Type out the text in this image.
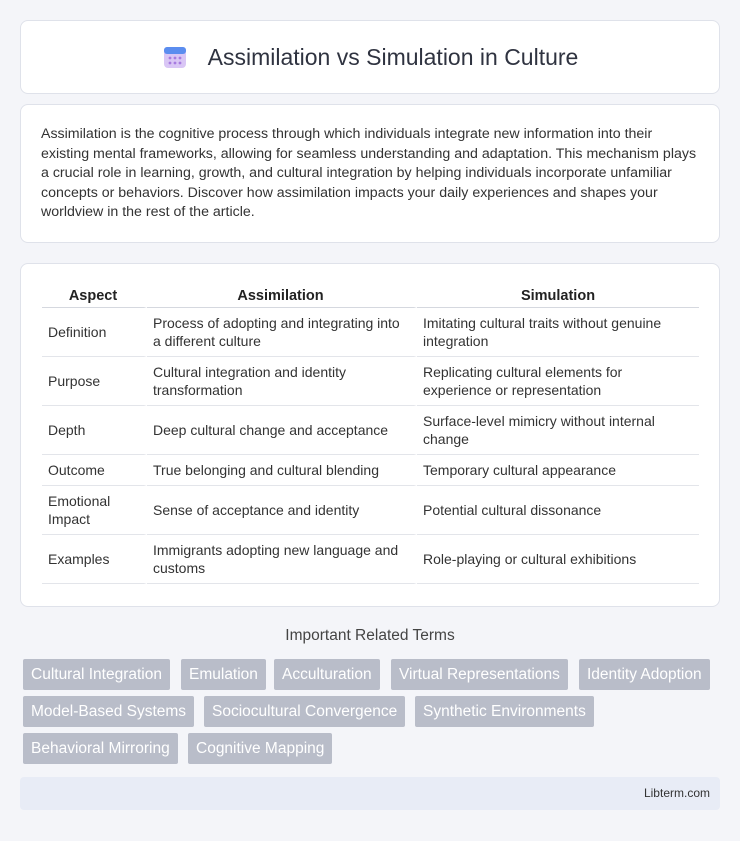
Assimilation vs Simulation in Culture

Assimilation is the cognitive process through which individuals integrate new information into their existing mental frameworks, allowing for seamless understanding and adaptation. This mechanism plays a crucial role in learning, growth, and cultural integration by helping individuals incorporate unfamiliar concepts or behaviors. Discover how assimilation impacts your daily experiences and shapes your worldview in the rest of the article.

Aspect	Assimilation	Simulation
Definition	Process of adopting and integrating into a different culture	Imitating cultural traits without genuine integration
Purpose	Cultural integration and identity transformation	Replicating cultural elements for experience or representation
Depth	Deep cultural change and acceptance	Surface-level mimicry without internal change
Outcome	True belonging and cultural blending	Temporary cultural appearance
Emotional Impact	Sense of acceptance and identity	Potential cultural dissonance
Examples	Immigrants adopting new language and customs	Role-playing or cultural exhibitions
Important Related Terms
Cultural Integration	Emulation	Acculturation	Virtual Representations	Identity Adoption
Model-Based Systems	Sociocultural Convergence	Synthetic Environments
Behavioral Mirroring	Cognitive Mapping
Libterm.com
